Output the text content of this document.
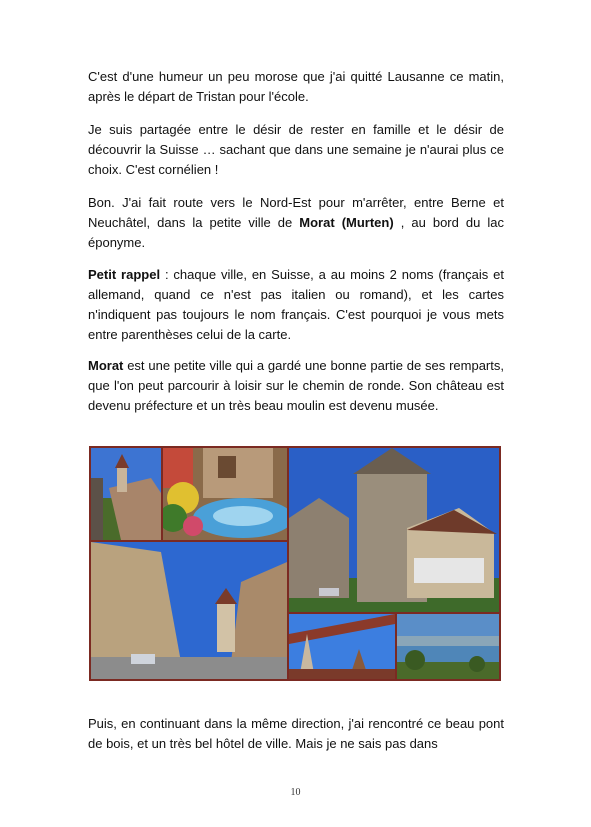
C'est d'une humeur un peu morose que j'ai quitté Lausanne ce matin, après le départ de Tristan pour l'école.

Je suis partagée entre le désir de rester en famille et le désir de découvrir la Suisse … sachant que dans une semaine je n'aurai plus ce choix. C'est cornélien !

Bon. J'ai fait route vers le Nord-Est pour m'arrêter, entre Berne et Neuchâtel, dans la petite ville de Morat (Murten) , au bord du lac éponyme.

Petit rappel : chaque ville, en Suisse, a au moins 2 noms (français et allemand, quand ce n'est pas italien ou romand), et les cartes n'indiquent pas toujours le nom français. C'est pourquoi je vous mets entre parenthèses celui de la carte.

Morat est une petite ville qui a gardé une bonne partie de ses remparts, que l'on peut parcourir à loisir sur le chemin de ronde. Son château est devenu préfecture et un très beau moulin est devenu musée.

Puis, en continuant dans la même direction, j'ai rencontré ce beau pont de bois, et un très bel hôtel de ville. Mais je ne sais pas dans

10
